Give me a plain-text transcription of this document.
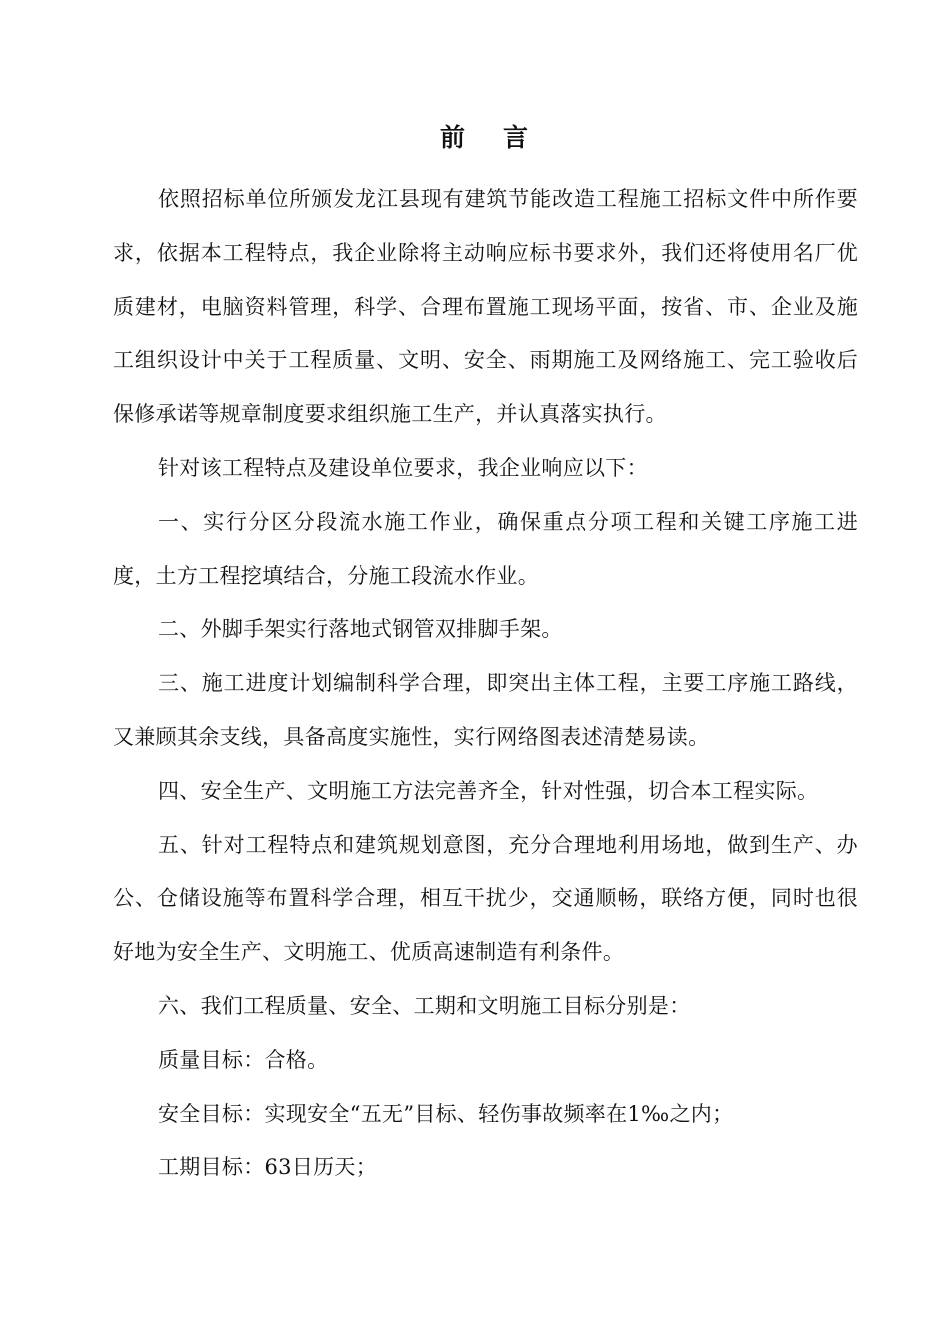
前 言

依照招标单位所颁发龙江县现有建筑节能改造工程施工招标文件中所作要求，依据本工程特点，我企业除将主动响应标书要求外，我们还将使用名厂优质建材，电脑资料管理，科学、合理布置施工现场平面，按省、市、企业及施工组织设计中关于工程质量、文明、安全、雨期施工及网络施工、完工验收后保修承诺等规章制度要求组织施工生产，并认真落实执行。

针对该工程特点及建设单位要求，我企业响应以下：

一、实行分区分段流水施工作业，确保重点分项工程和关键工序施工进度，土方工程挖填结合，分施工段流水作业。

二、外脚手架实行落地式钢管双排脚手架。

三、施工进度计划编制科学合理，即突出主体工程，主要工序施工路线，又兼顾其余支线，具备高度实施性，实行网络图表述清楚易读。

四、安全生产、文明施工方法完善齐全，针对性强，切合本工程实际。

五、针对工程特点和建筑规划意图，充分合理地利用场地，做到生产、办公、仓储设施等布置科学合理，相互干扰少，交通顺畅，联络方便，同时也很好地为安全生产、文明施工、优质高速制造有利条件。

六、我们工程质量、安全、工期和文明施工目标分别是：

质量目标：合格。

安全目标：实现安全“五无”目标、轻伤事故频率在1‰之内；

工期目标：63日历天；
